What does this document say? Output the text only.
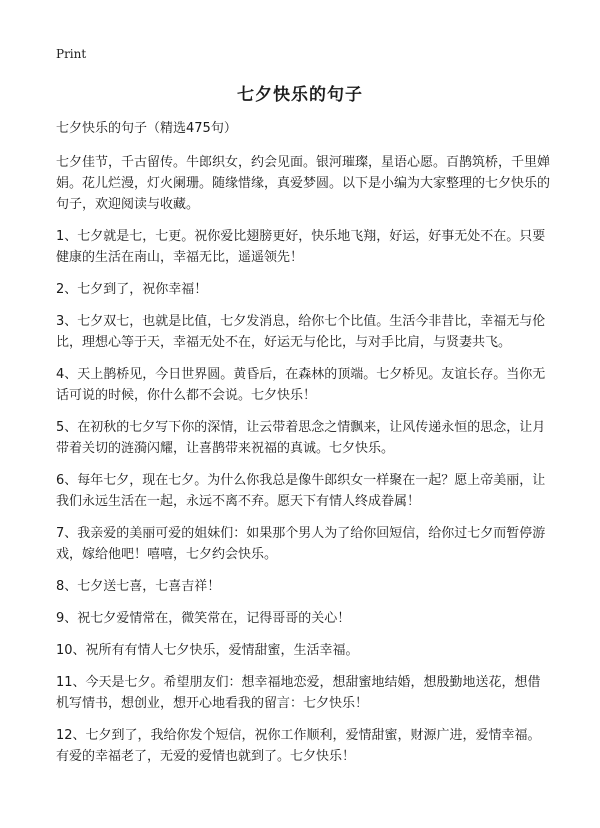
Print
七夕快乐的句子

七夕快乐的句子（精选475句）

七夕佳节，千古留传。牛郎织女，约会见面。银河璀璨，星语心愿。百鹊筑桥，千里婵娟。花儿烂漫，灯火阑珊。随缘惜缘，真爱梦圆。以下是小编为大家整理的七夕快乐的句子，欢迎阅读与收藏。

1、七夕就是七，七更。祝你爱比翅膀更好，快乐地飞翔，好运，好事无处不在。只要健康的生活在南山，幸福无比，遥遥领先！

2、七夕到了，祝你幸福！

3、七夕双七，也就是比值，七夕发消息，给你七个比值。生活今非昔比，幸福无与伦比，理想心等于天，幸福无处不在，好运无与伦比，与对手比肩，与贤妻共飞。

4、天上鹊桥见，今日世界圆。黄昏后，在森林的顶端。七夕桥见。友谊长存。当你无话可说的时候，你什么都不会说。七夕快乐！

5、在初秋的七夕写下你的深情，让云带着思念之情飘来，让风传递永恒的思念，让月带着关切的涟漪闪耀，让喜鹊带来祝福的真诚。七夕快乐。

6、每年七夕，现在七夕。为什么你我总是像牛郎织女一样聚在一起？愿上帝美丽，让我们永远生活在一起，永远不离不弃。愿天下有情人终成眷属！

7、我亲爱的美丽可爱的姐妹们：如果那个男人为了给你回短信，给你过七夕而暂停游戏，嫁给他吧！嘻嘻，七夕约会快乐。

8、七夕送七喜，七喜吉祥！

9、祝七夕爱情常在，微笑常在，记得哥哥的关心！

10、祝所有有情人七夕快乐，爱情甜蜜，生活幸福。

11、今天是七夕。希望朋友们：想幸福地恋爱，想甜蜜地结婚，想殷勤地送花，想借机写情书，想创业，想开心地看我的留言：七夕快乐！

12、七夕到了，我给你发个短信，祝你工作顺利，爱情甜蜜，财源广进，爱情幸福。有爱的幸福老了，无爱的爱情也就到了。七夕快乐！
